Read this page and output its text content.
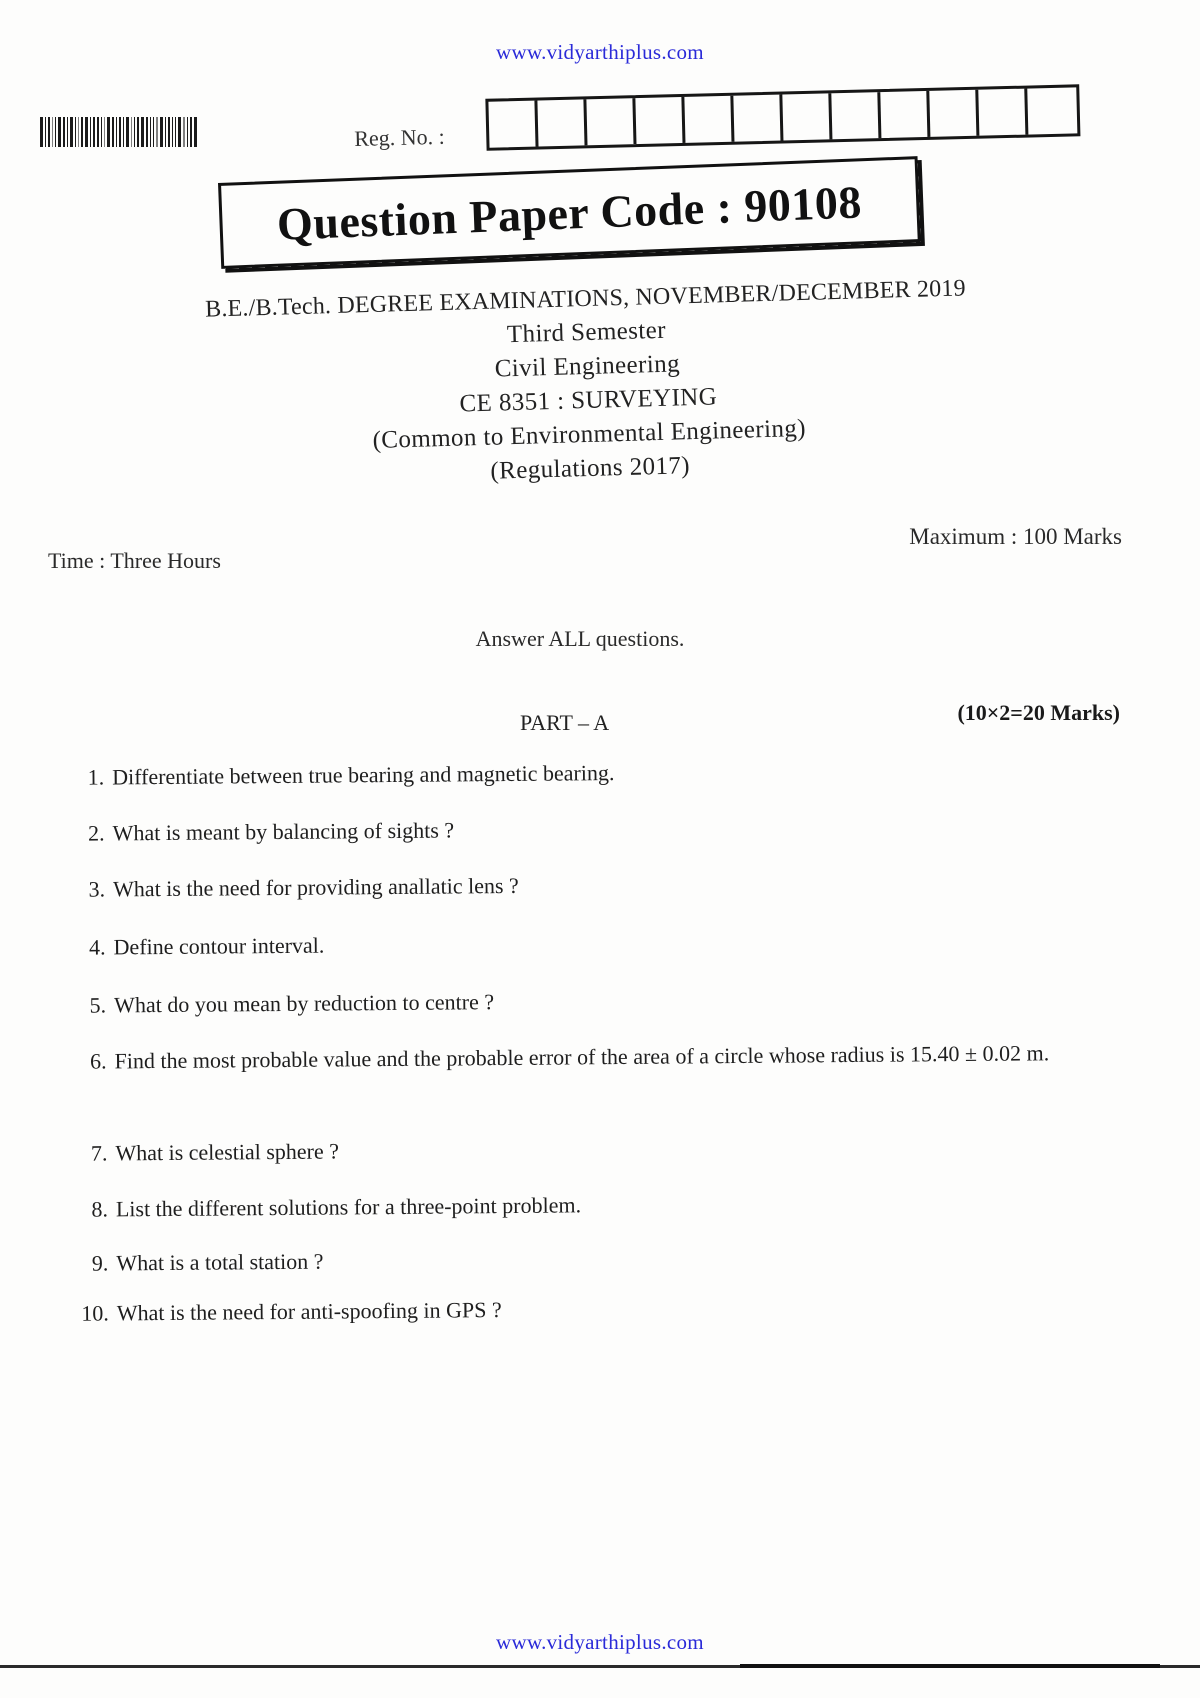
www.vidyarthiplus.com
Reg. No. :
Question Paper Code : 90108
B.E./B.Tech. DEGREE EXAMINATIONS, NOVEMBER/DECEMBER 2019
Third Semester
Civil Engineering
CE 8351 : SURVEYING
(Common to Environmental Engineering)
(Regulations 2017)
Time : Three Hours
Maximum : 100 Marks
Answer ALL questions.
PART – A	(10×2=20 Marks)
1. Differentiate between true bearing and magnetic bearing.
2. What is meant by balancing of sights ?
3. What is the need for providing anallatic lens ?
4. Define contour interval.
5. What do you mean by reduction to centre ?
6. Find the most probable value and the probable error of the area of a circle whose radius is 15.40 ± 0.02 m.
7. What is celestial sphere ?
8. List the different solutions for a three-point problem.
9. What is a total station ?
10. What is the need for anti-spoofing in GPS ?
www.vidyarthiplus.com
